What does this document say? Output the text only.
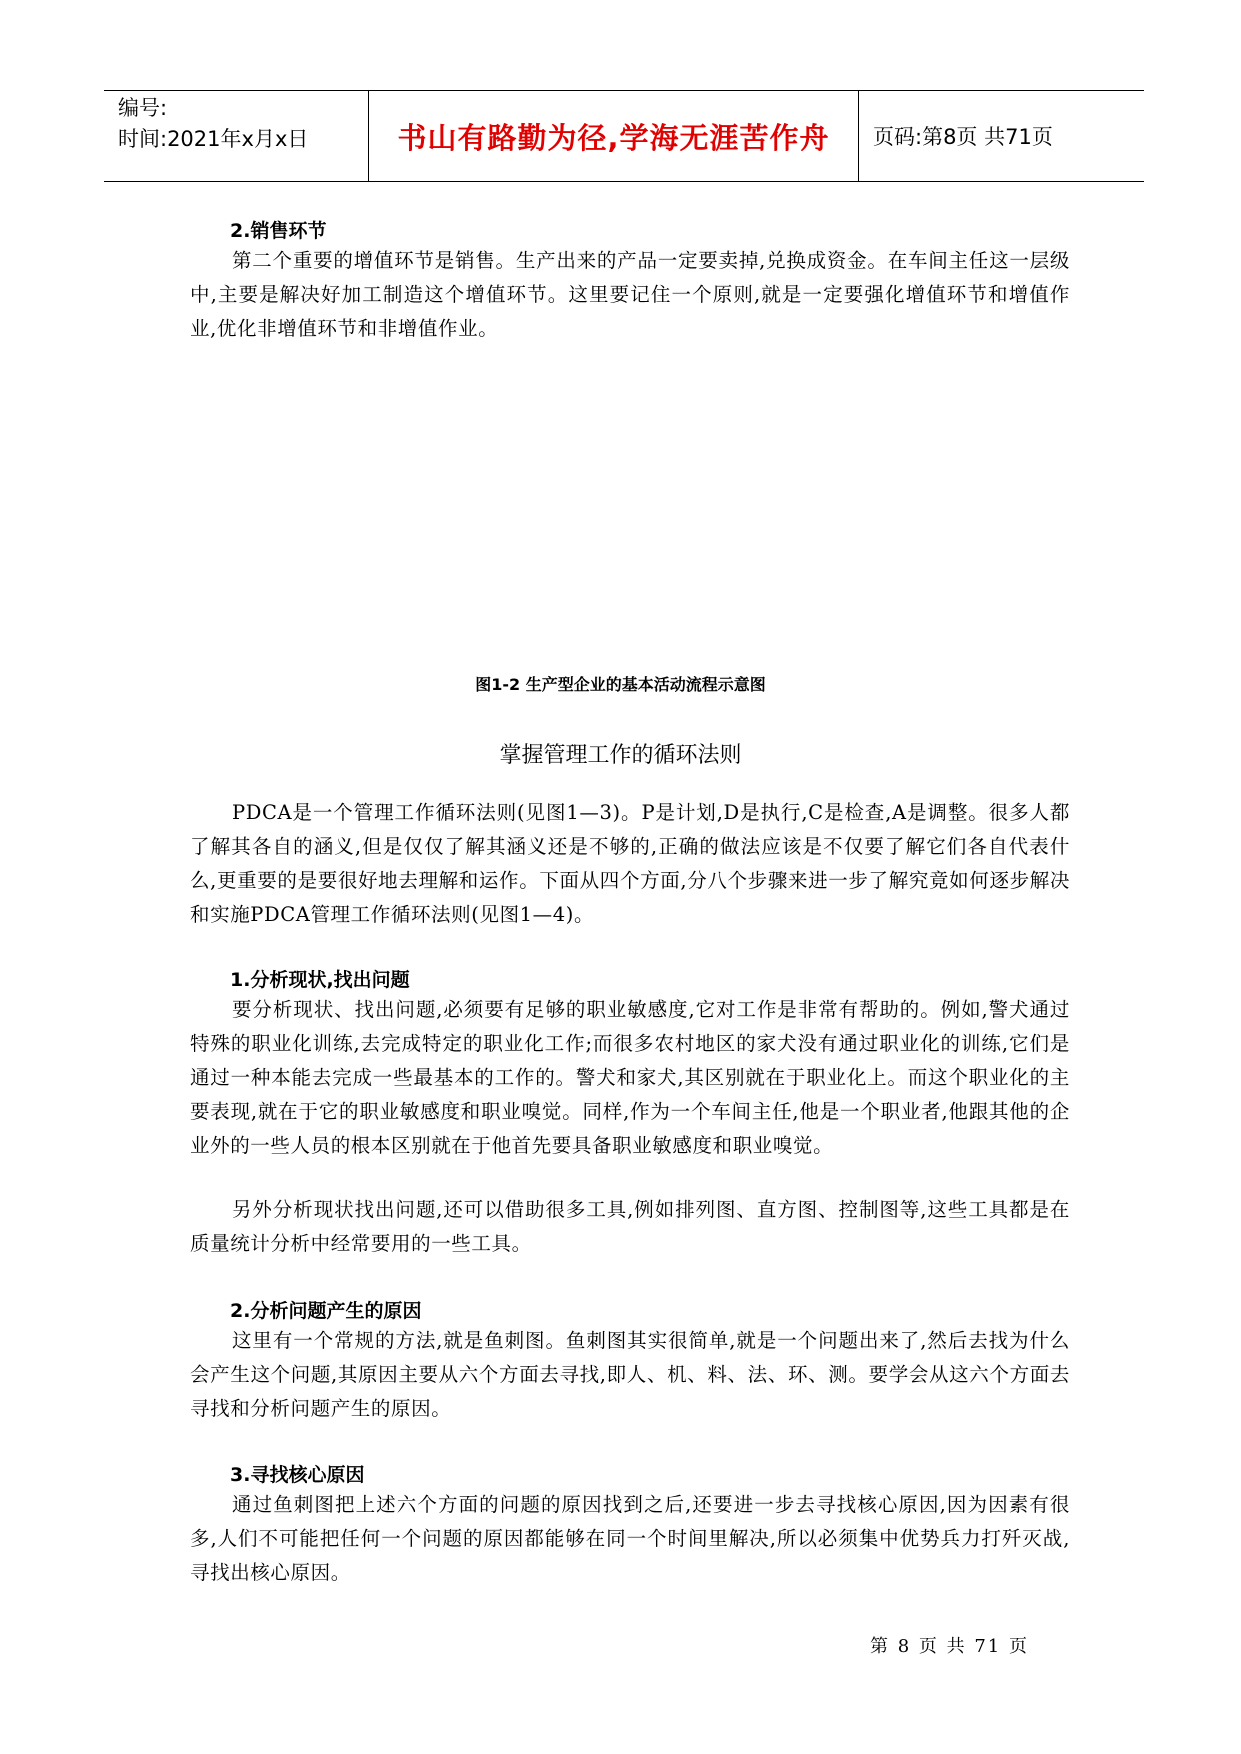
编号:
时间:2021年x月x日	书山有路勤为径,学海无涯苦作舟	页码:第8页 共71页
2.销售环节

第二个重要的增值环节是销售。生产出来的产品一定要卖掉,兑换成资金。在车间主任这一层级中,主要是解决好加工制造这个增值环节。这里要记住一个原则,就是一定要强化增值环节和增值作业,优化非增值环节和非增值作业。

图1-2 生产型企业的基本活动流程示意图
掌握管理工作的循环法则

PDCA是一个管理工作循环法则(见图1—3)。P是计划,D是执行,C是检查,A是调整。很多人都了解其各自的涵义,但是仅仅了解其涵义还是不够的,正确的做法应该是不仅要了解它们各自代表什么,更重要的是要很好地去理解和运作。下面从四个方面,分八个步骤来进一步了解究竟如何逐步解决和实施PDCA管理工作循环法则(见图1—4)。

1.分析现状,找出问题

要分析现状、找出问题,必须要有足够的职业敏感度,它对工作是非常有帮助的。例如,警犬通过特殊的职业化训练,去完成特定的职业化工作;而很多农村地区的家犬没有通过职业化的训练,它们是通过一种本能去完成一些最基本的工作的。警犬和家犬,其区别就在于职业化上。而这个职业化的主要表现,就在于它的职业敏感度和职业嗅觉。同样,作为一个车间主任,他是一个职业者,他跟其他的企业外的一些人员的根本区别就在于他首先要具备职业敏感度和职业嗅觉。

另外分析现状找出问题,还可以借助很多工具,例如排列图、直方图、控制图等,这些工具都是在质量统计分析中经常要用的一些工具。

2.分析问题产生的原因

这里有一个常规的方法,就是鱼刺图。鱼刺图其实很简单,就是一个问题出来了,然后去找为什么会产生这个问题,其原因主要从六个方面去寻找,即人、机、料、法、环、测。要学会从这六个方面去寻找和分析问题产生的原因。

3.寻找核心原因

通过鱼刺图把上述六个方面的问题的原因找到之后,还要进一步去寻找核心原因,因为因素有很多,人们不可能把任何一个问题的原因都能够在同一个时间里解决,所以必须集中优势兵力打歼灭战,寻找出核心原因。

第 8 页 共 71 页
